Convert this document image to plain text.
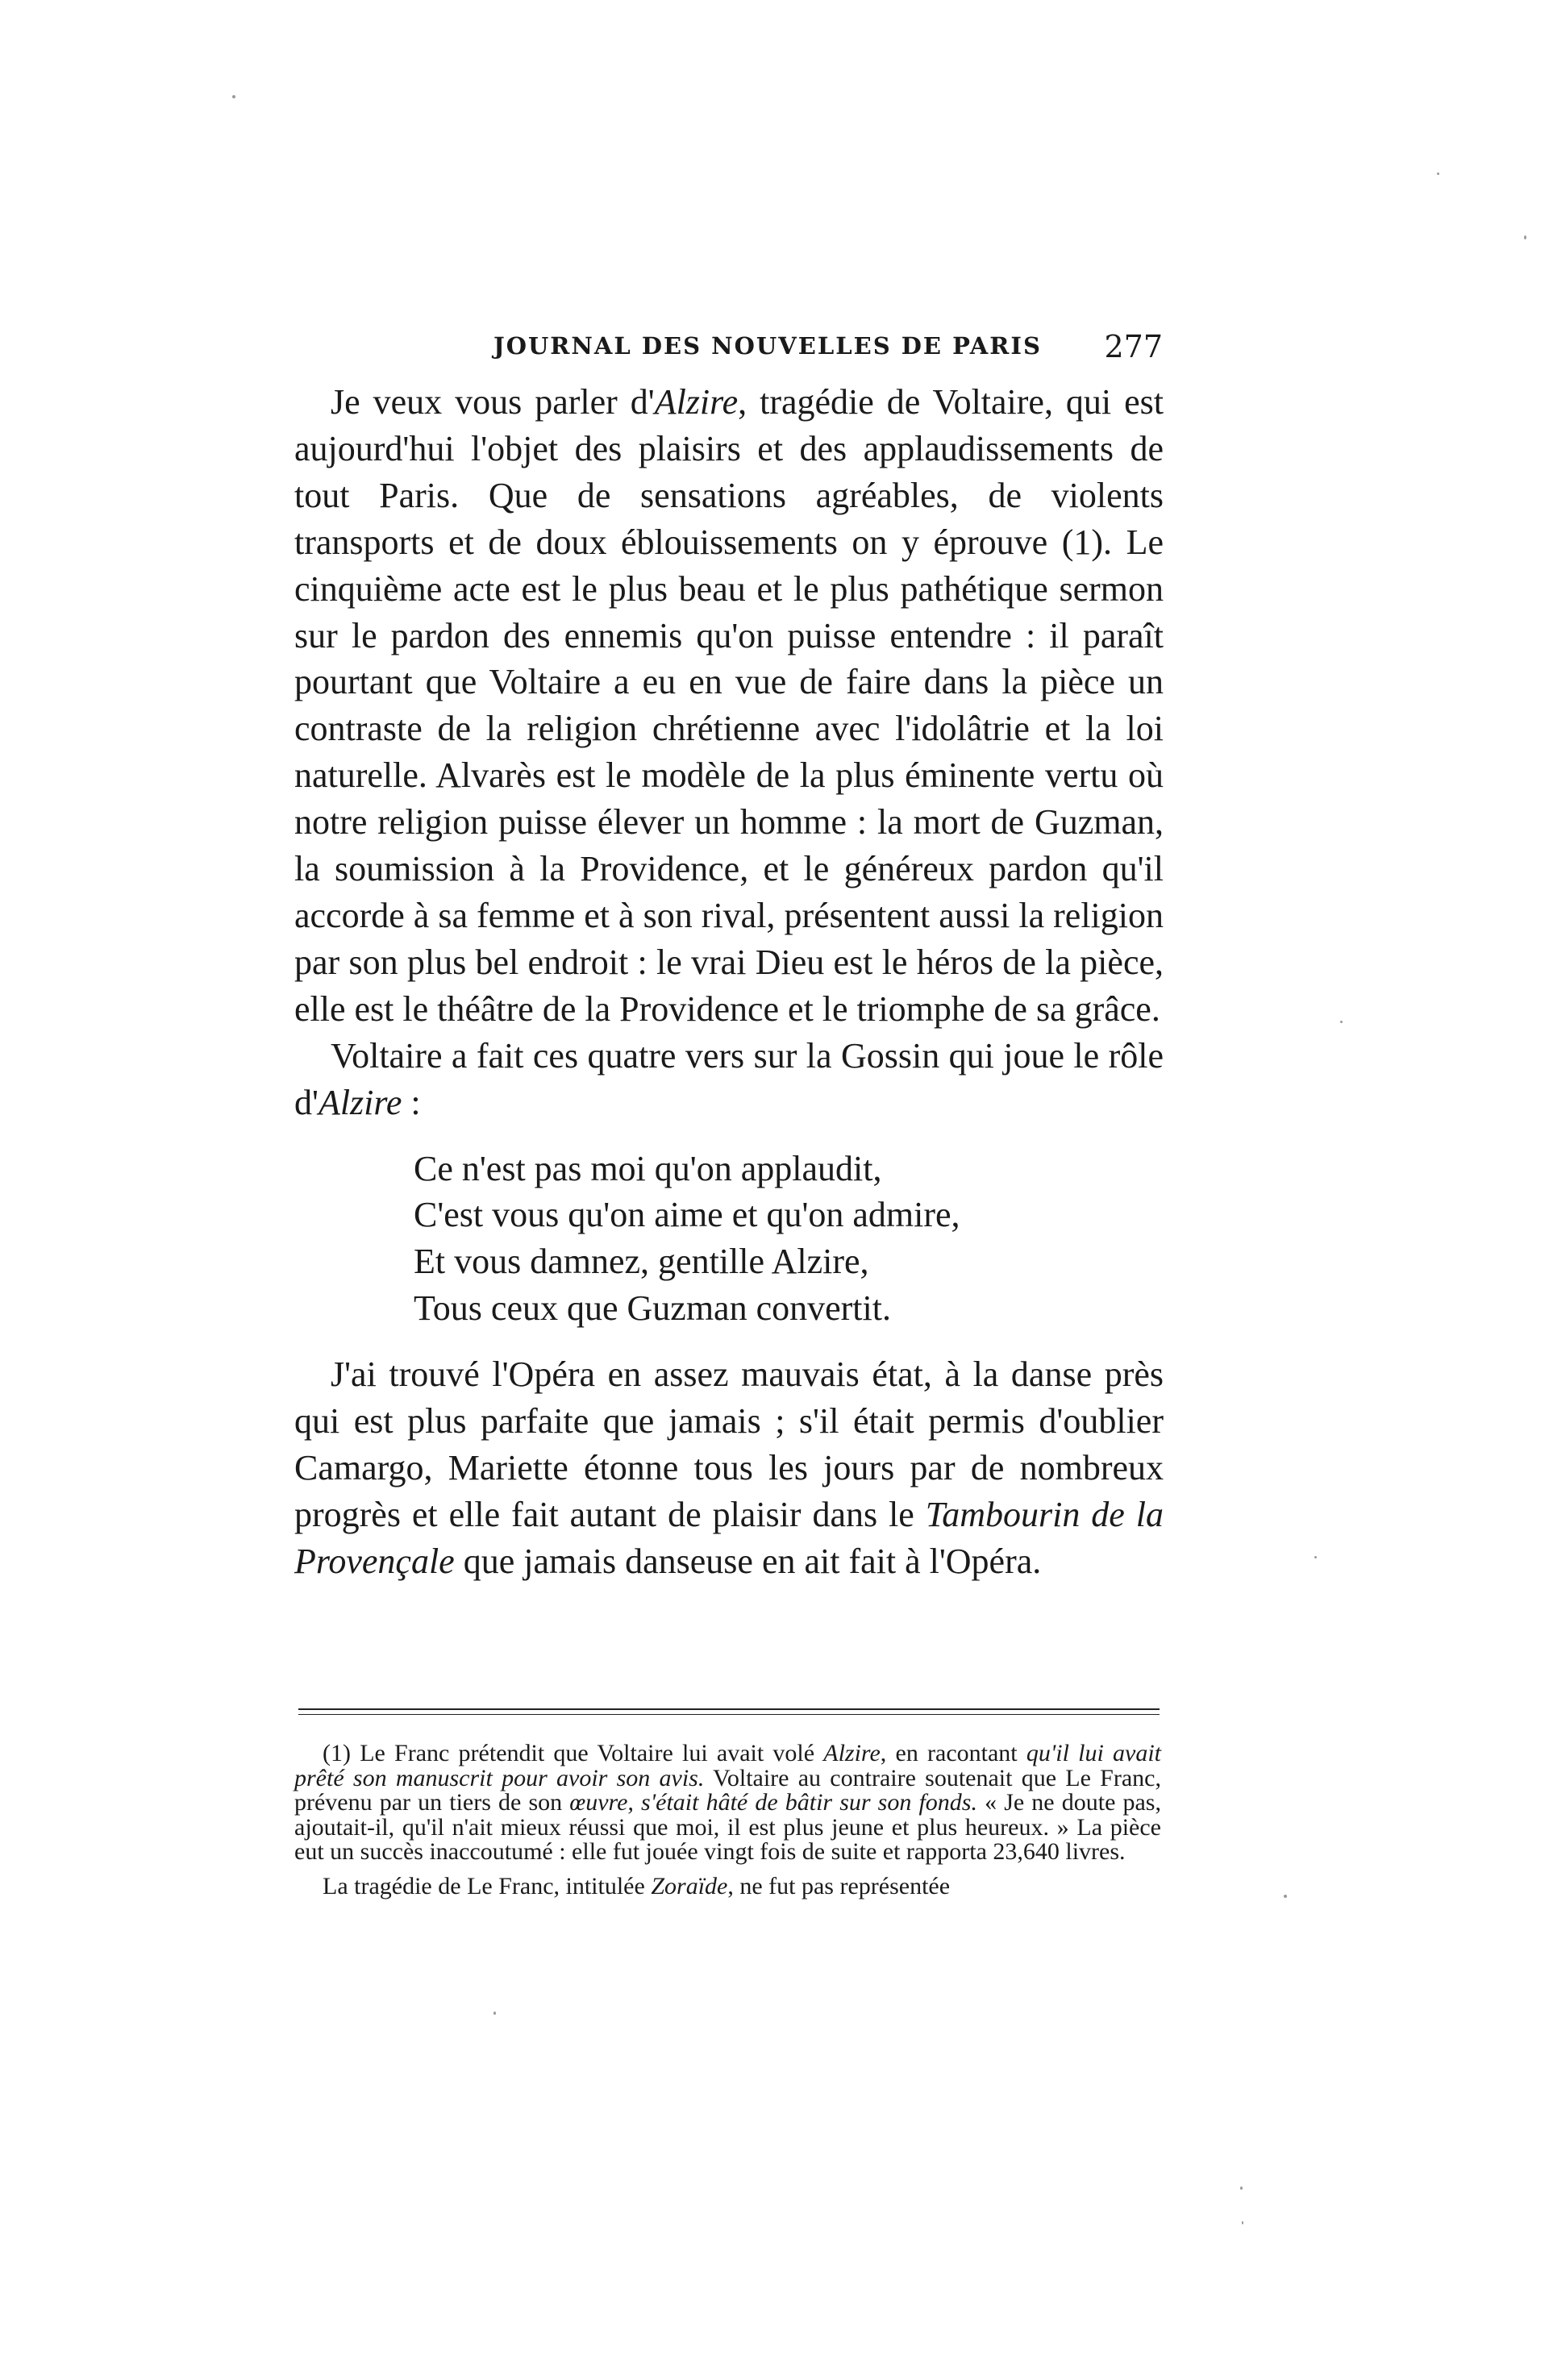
JOURNAL DES NOUVELLES DE PARIS 277

Je veux vous parler d'Alzire, tragédie de Voltaire, qui est aujourd'hui l'objet des plaisirs et des applaudissements de tout Paris. Que de sensations agréables, de violents transports et de doux éblouissements on y éprouve (1). Le cinquième acte est le plus beau et le plus pathétique sermon sur le pardon des ennemis qu'on puisse entendre : il paraît pourtant que Voltaire a eu en vue de faire dans la pièce un contraste de la religion chrétienne avec l'idolâtrie et la loi naturelle. Alvarès est le modèle de la plus éminente vertu où notre religion puisse élever un homme : la mort de Guzman, la soumission à la Providence, et le généreux pardon qu'il accorde à sa femme et à son rival, présentent aussi la religion par son plus bel endroit : le vrai Dieu est le héros de la pièce, elle est le théâtre de la Providence et le triomphe de sa grâce.

Voltaire a fait ces quatre vers sur la Gossin qui joue le rôle d'Alzire :

Ce n'est pas moi qu'on applaudit,
C'est vous qu'on aime et qu'on admire,
Et vous damnez, gentille Alzire,
Tous ceux que Guzman convertit.

J'ai trouvé l'Opéra en assez mauvais état, à la danse près qui est plus parfaite que jamais ; s'il était permis d'oublier Camargo, Mariette étonne tous les jours par de nombreux progrès et elle fait autant de plaisir dans le Tambourin de la Provençale que jamais danseuse en ait fait à l'Opéra.

(1) Le Franc prétendit que Voltaire lui avait volé Alzire, en racontant qu'il lui avait prêté son manuscrit pour avoir son avis. Voltaire au contraire soutenait que Le Franc, prévenu par un tiers de son œuvre, s'était hâté de bâtir sur son fonds. « Je ne doute pas, ajoutait-il, qu'il n'ait mieux réussi que moi, il est plus jeune et plus heureux. » La pièce eut un succès inaccoutumé : elle fut jouée vingt fois de suite et rapporta 23,640 livres.

La tragédie de Le Franc, intitulée Zoraïde, ne fut pas représentée
